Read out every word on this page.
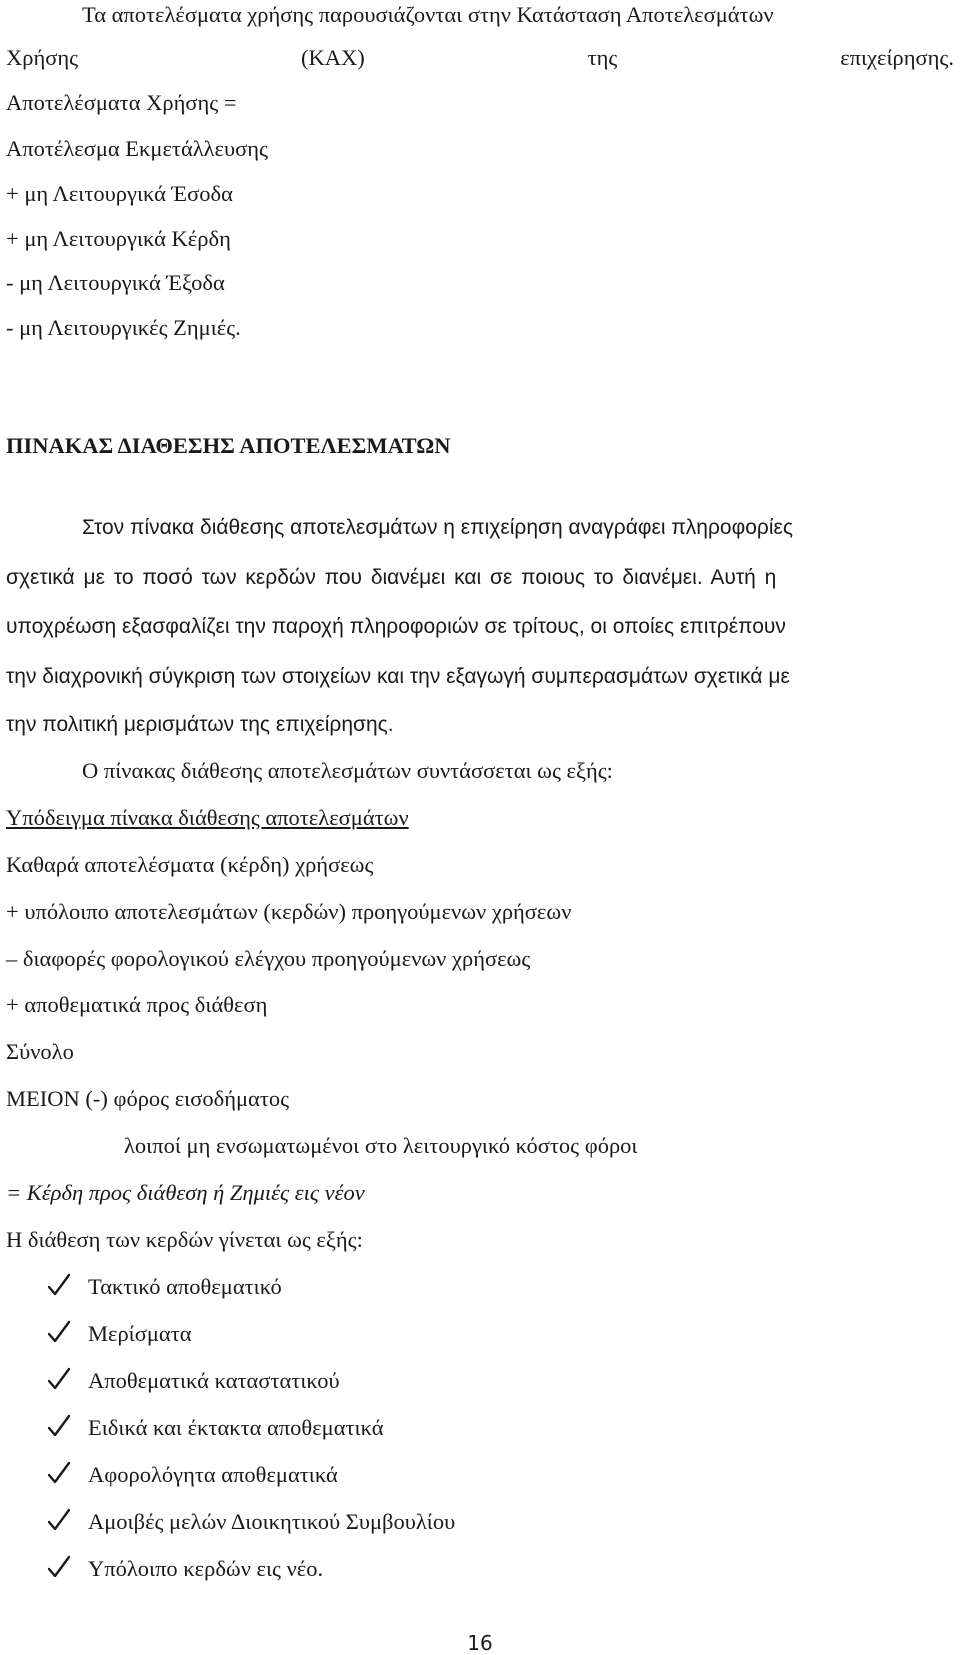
Τα αποτελέσματα χρήσης παρουσιάζονται στην Κατάσταση Αποτελεσμάτων
Χρήσης	(ΚΑΧ)	της	επιχείρησης.
Αποτελέσματα Χρήσης =
Αποτέλεσμα Εκμετάλλευσης
+ μη Λειτουργικά Έσοδα
+ μη Λειτουργικά Κέρδη
- μη Λειτουργικά Έξοδα
- μη Λειτουργικές Ζημιές.
ΠΙΝΑΚΑΣ ΔΙΑΘΕΣΗΣ ΑΠΟΤΕΛΕΣΜΑΤΩΝ
Στον πίνακα διάθεσης αποτελεσμάτων η επιχείρηση αναγράφει πληροφορίες
σχετικά με το ποσό των κερδών που διανέμει και σε ποιους το διανέμει. Αυτή η
υποχρέωση εξασφαλίζει την παροχή πληροφοριών σε τρίτους, οι οποίες επιτρέπουν
την διαχρονική σύγκριση των στοιχείων και την εξαγωγή συμπερασμάτων σχετικά με
την πολιτική μερισμάτων της επιχείρησης.
Ο πίνακας διάθεσης αποτελεσμάτων συντάσσεται ως εξής:
Υπόδειγμα πίνακα διάθεσης αποτελεσμάτων
Καθαρά αποτελέσματα (κέρδη) χρήσεως
+ υπόλοιπο αποτελεσμάτων (κερδών) προηγούμενων χρήσεων
– διαφορές φορολογικού ελέγχου προηγούμενων χρήσεως
+ αποθεματικά προς διάθεση
Σύνολο
ΜΕΙΟΝ (-) φόρος εισοδήματος
λοιποί μη ενσωματωμένοι στο λειτουργικό κόστος φόροι
= Κέρδη προς διάθεση ή Ζημιές εις νέον
Η διάθεση των κερδών γίνεται ως εξής:
Τακτικό αποθεματικό
Μερίσματα
Αποθεματικά καταστατικού
Ειδικά και έκτακτα αποθεματικά
Αφορολόγητα αποθεματικά
Αμοιβές μελών Διοικητικού Συμβουλίου
Υπόλοιπο κερδών εις νέο.
16
